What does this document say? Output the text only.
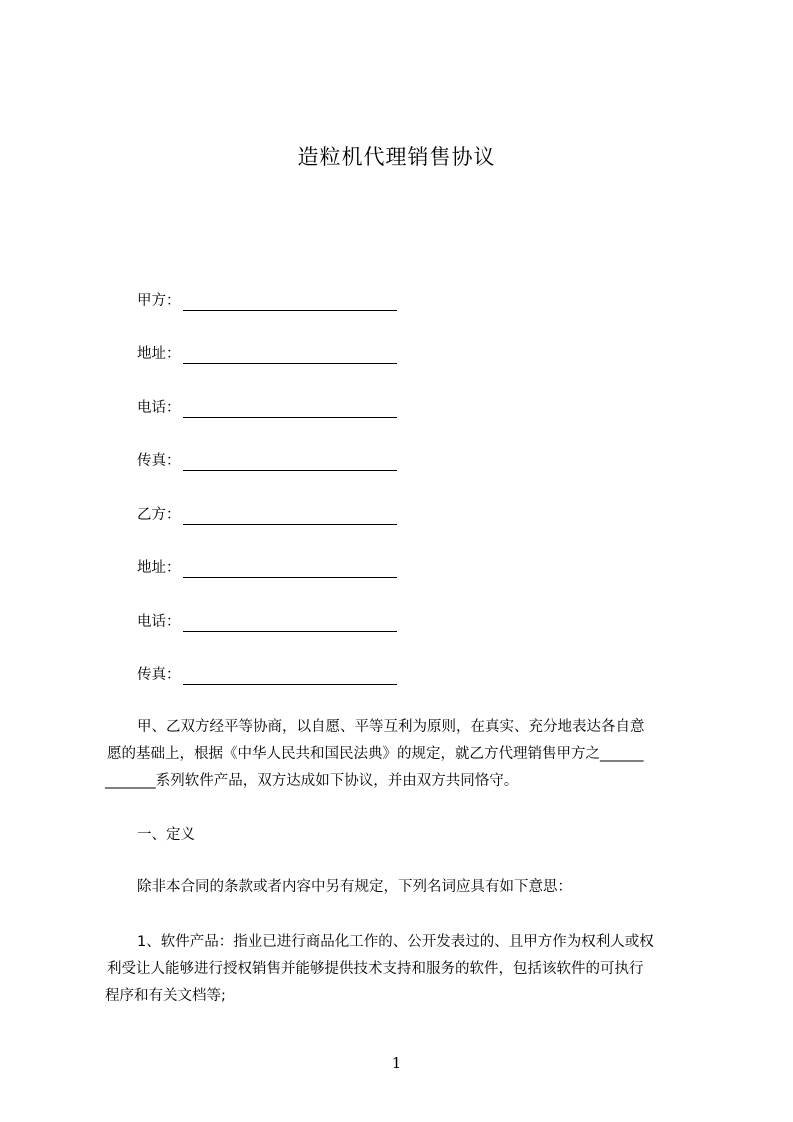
造粒机代理销售协议
甲方：
地址：
电话：
传真：
乙方：
地址：
电话：
传真：
甲、乙双方经平等协商，以自愿、平等互利为原则，在真实、充分地表达各自意
愿的基础上，根据《中华人民共和国民法典》的规定，就乙方代理销售甲方之______
_______系列软件产品，双方达成如下协议，并由双方共同恪守。
一、定义
除非本合同的条款或者内容中另有规定，下列名词应具有如下意思：
1、软件产品：指业已进行商品化工作的、公开发表过的、且甲方作为权利人或权
利受让人能够进行授权销售并能够提供技术支持和服务的软件，包括该软件的可执行
程序和有关文档等;
1
